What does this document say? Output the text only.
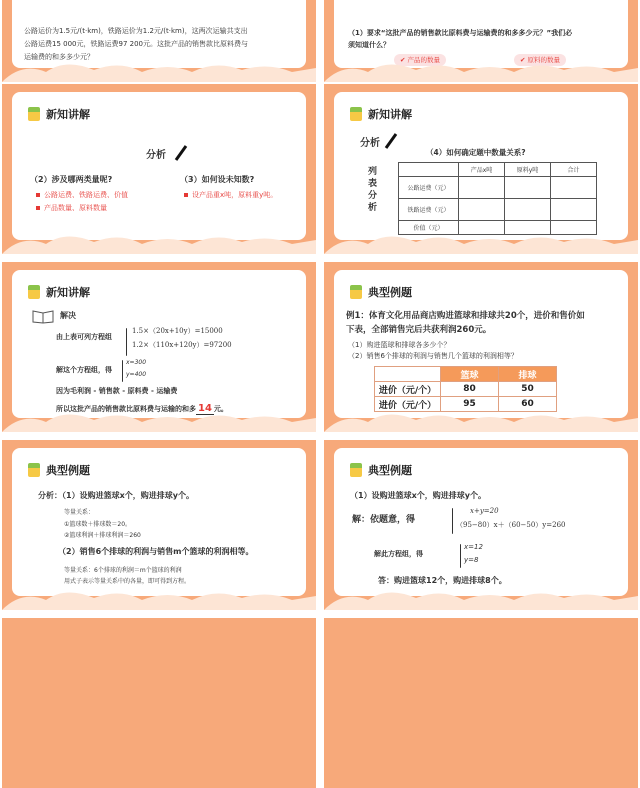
公路运价为1.5元/(t·km)，铁路运价为1.2元/(t·km)，这两次运输共支出
公路运费15 000元，铁路运费97 200元。这批产品的销售款比原料费与
运输费的和多多少元？
（1）要求“这批产品的销售款比原料费与运输费的和多多少元？”我们必
须知道什么？
✔ 产品的数量	✔ 原料的数量
新知讲解
分析
（2）涉及哪两类量呢?
公路运费、铁路运费、价值
产品数量、原料数量
（3）如何设未知数?
设产品重x吨，原料重y吨。
新知讲解
分析
（4）如何确定题中数量关系?
列
表
分
析
	产品x吨	原料y吨	合计
公路运费（元）			
铁路运费（元）			
价值（元）			
新知讲解
解决
由上表可列方程组
1.5×（20x+10y）=15000
1.2×（110x+120y）=97200
解这个方程组，得
x=300
y=400
因为毛利润 - 销售款 - 原料费 - 运输费
所以这批产品的销售款比原料费与运输的和多 14 元。
典型例题
例1：体育文化用品商店购进篮球和排球共20个，进价和售价如
下表，全部销售完后共获利润260元。
（1）购进篮球和排球各多少个？
（2）销售6个排球的利润与销售几个篮球的利润相等？
	篮球	排球
进价（元/个）	80	50
进价（元/个）	95	60
典型例题
分析：（1）设购进篮球x个，购进排球y个。
等量关系：
①篮球数＋排球数＝20。
②篮球利润＋排球利润＝260
（2）销售6个排球的利润与销售m个篮球的利润相等。
等量关系：6个排球的利润＝m个篮球的利润
用式子表示等量关系中的各量，即可得到方程。
典型例题
（1）设购进篮球x个，购进排球y个。
解：依题意，得
x+y=20
（95−80）x＋（60−50）y=260
解此方程组，得
x=12
y=8
答：购进篮球12个，购进排球8个。
